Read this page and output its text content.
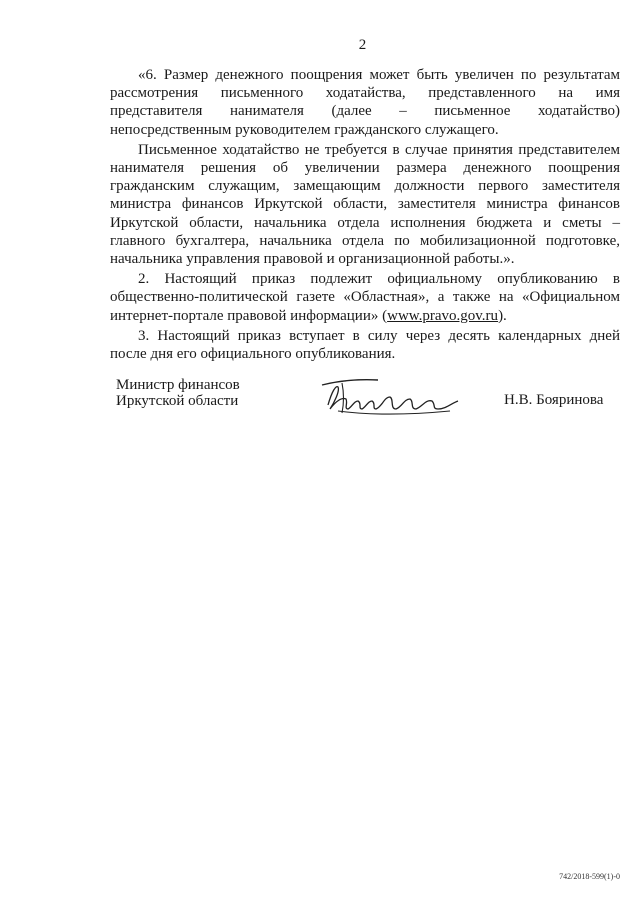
2

«6. Размер денежного поощрения может быть увеличен по результатам рассмотрения письменного ходатайства, представленного на имя представителя нанимателя (далее – письменное ходатайство) непосредственным руководителем гражданского служащего.

Письменное ходатайство не требуется в случае принятия представителем нанимателя решения об увеличении размера денежного поощрения гражданским служащим, замещающим должности первого заместителя министра финансов Иркутской области, заместителя министра финансов Иркутской области, начальника отдела исполнения бюджета и сметы – главного бухгалтера, начальника отдела по мобилизационной подготовке, начальника управления правовой и организационной работы.».

2. Настоящий приказ подлежит официальному опубликованию в общественно-политической газете «Областная», а также на «Официальном интернет-портале правовой информации» (www.pravo.gov.ru).

3. Настоящий приказ вступает в силу через десять календарных дней после дня его официального опубликования.

Министр финансов
Иркутской области	Н.В. Бояринова
742/2018-599(1)-0
